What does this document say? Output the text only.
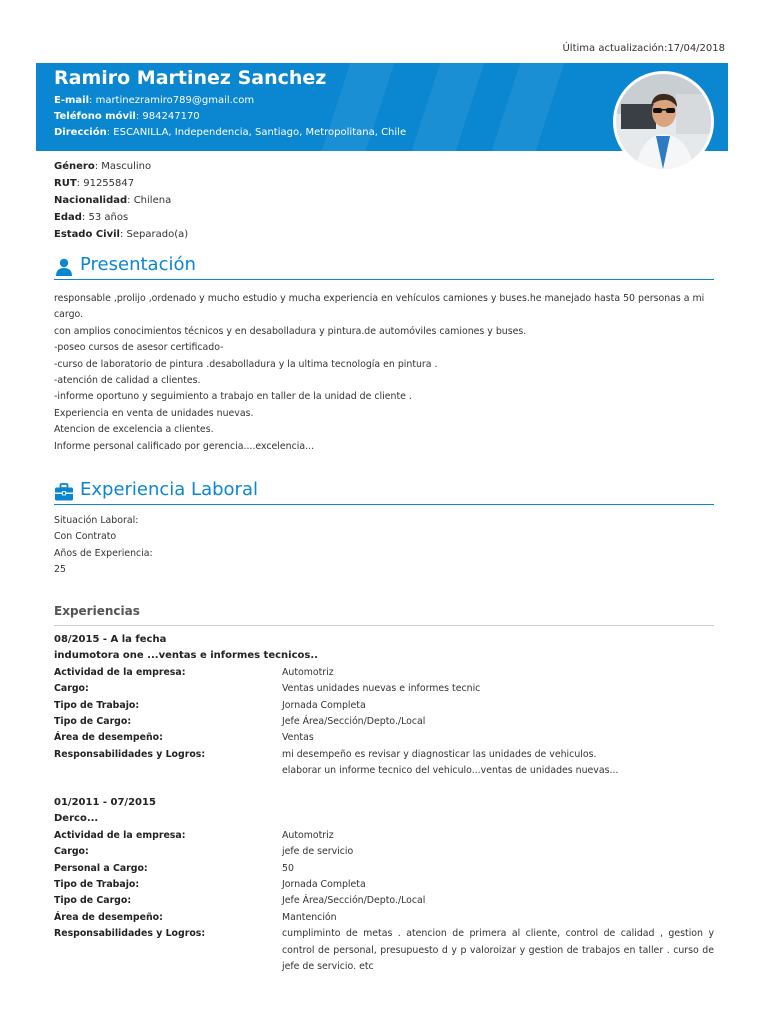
Última actualización:17/04/2018
Ramiro Martinez Sanchez
E-mail: martinezramiro789@gmail.com
Teléfono móvil: 984247170
Dirección: ESCANILLA, Independencia, Santiago, Metropolitana, Chile
Género: Masculino
RUT: 91255847
Nacionalidad: Chilena
Edad: 53 años
Estado Civil: Separado(a)
Presentación
responsable ,prolijo ,ordenado y mucho estudio y mucha experiencia en vehículos camiones y buses.he manejado hasta 50 personas a mi
cargo.
con amplios conocimientos técnicos y en desabolladura y pintura.de automóviles camiones y buses.
-poseo cursos de asesor certificado-
-curso de laboratorio de pintura .desabolladura y la ultima tecnología en pintura .
-atención de calidad a clientes.
-informe oportuno y seguimiento a trabajo en taller de la unidad de cliente .
Experiencia en venta de unidades nuevas.
Atencion de excelencia a clientes.
Informe personal calificado por gerencia....excelencia...
Experiencia Laboral
Situación Laboral:
Con Contrato
Años de Experiencia:
25
Experiencias
08/2015 - A la fecha
indumotora one ...ventas e informes tecnicos..
Actividad de la empresa:	Automotriz
Cargo:	Ventas unidades nuevas e informes tecnic
Tipo de Trabajo:	Jornada Completa
Tipo de Cargo:	Jefe Área/Sección/Depto./Local
Área de desempeño:	Ventas
Responsabilidades y Logros:	mi desempeño es revisar y diagnosticar las unidades de vehiculos.
elaborar un informe tecnico del vehiculo...ventas de unidades nuevas...
01/2011 - 07/2015
Derco...
Actividad de la empresa:	Automotriz
Cargo:	jefe de servicio
Personal a Cargo:	50
Tipo de Trabajo:	Jornada Completa
Tipo de Cargo:	Jefe Área/Sección/Depto./Local
Área de desempeño:	Mantención
Responsabilidades y Logros:	cumpliminto de metas . atencion de primera al cliente, control de calidad , gestion y control de personal, presupuesto d y p valoroizar y gestion de trabajos en taller . curso de jefe de servicio. etc
